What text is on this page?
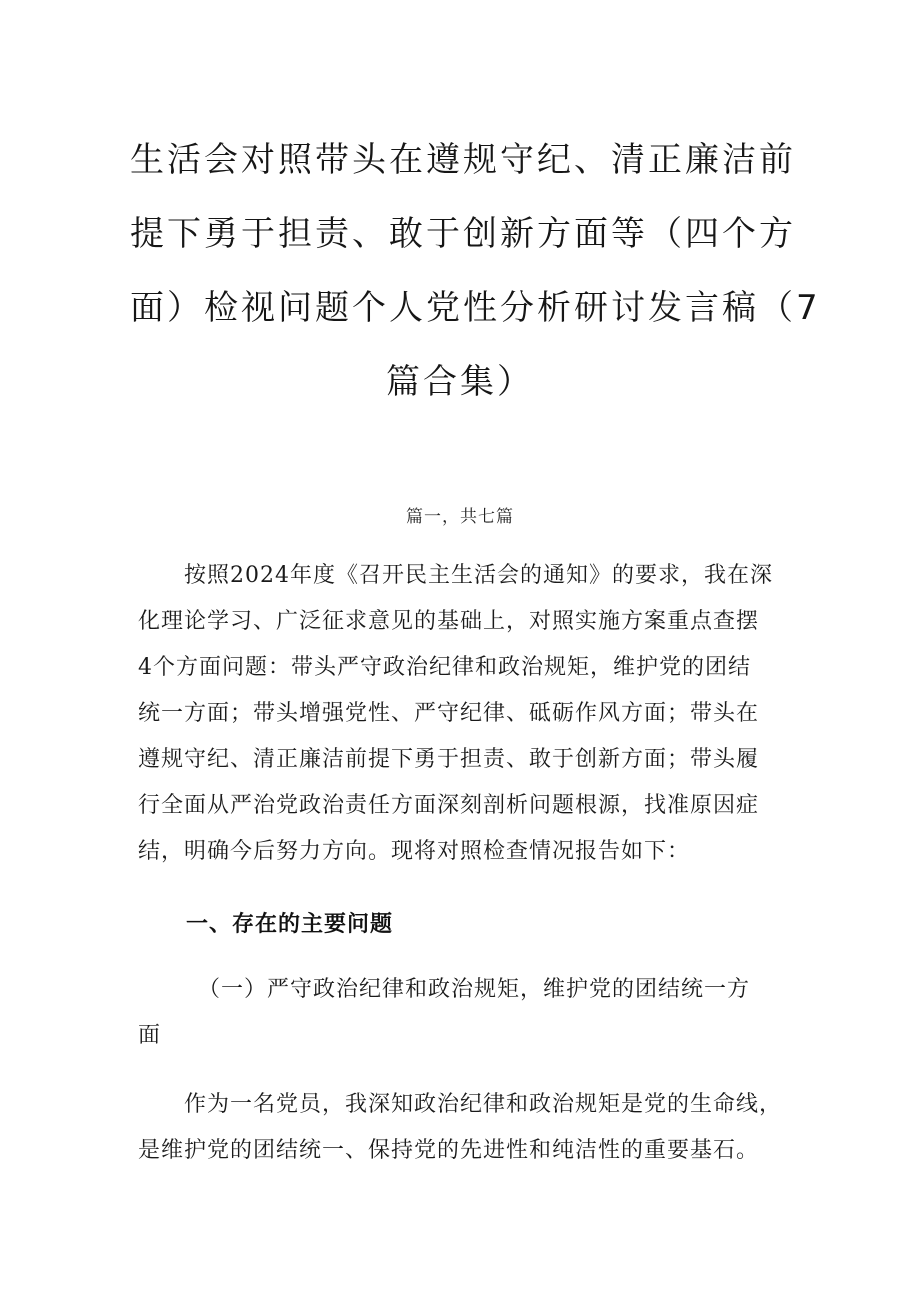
生活会对照带头在遵规守纪、清正廉洁前
提下勇于担责、敢于创新方面等（四个方
面）检视问题个人党性分析研讨发言稿（7
篇合集）
篇一，共七篇

按照2024年度《召开民主生活会的通知》的要求，我在深
化理论学习、广泛征求意见的基础上，对照实施方案重点查摆
4个方面问题：带头严守政治纪律和政治规矩，维护党的团结
统一方面；带头增强党性、严守纪律、砥砺作风方面；带头在
遵规守纪、清正廉洁前提下勇于担责、敢于创新方面；带头履
行全面从严治党政治责任方面深刻剖析问题根源，找准原因症
结，明确今后努力方向。现将对照检查情况报告如下：

一、存在的主要问题

（一）严守政治纪律和政治规矩，维护党的团结统一方
面

作为一名党员，我深知政治纪律和政治规矩是党的生命线，
是维护党的团结统一、保持党的先进性和纯洁性的重要基石。
